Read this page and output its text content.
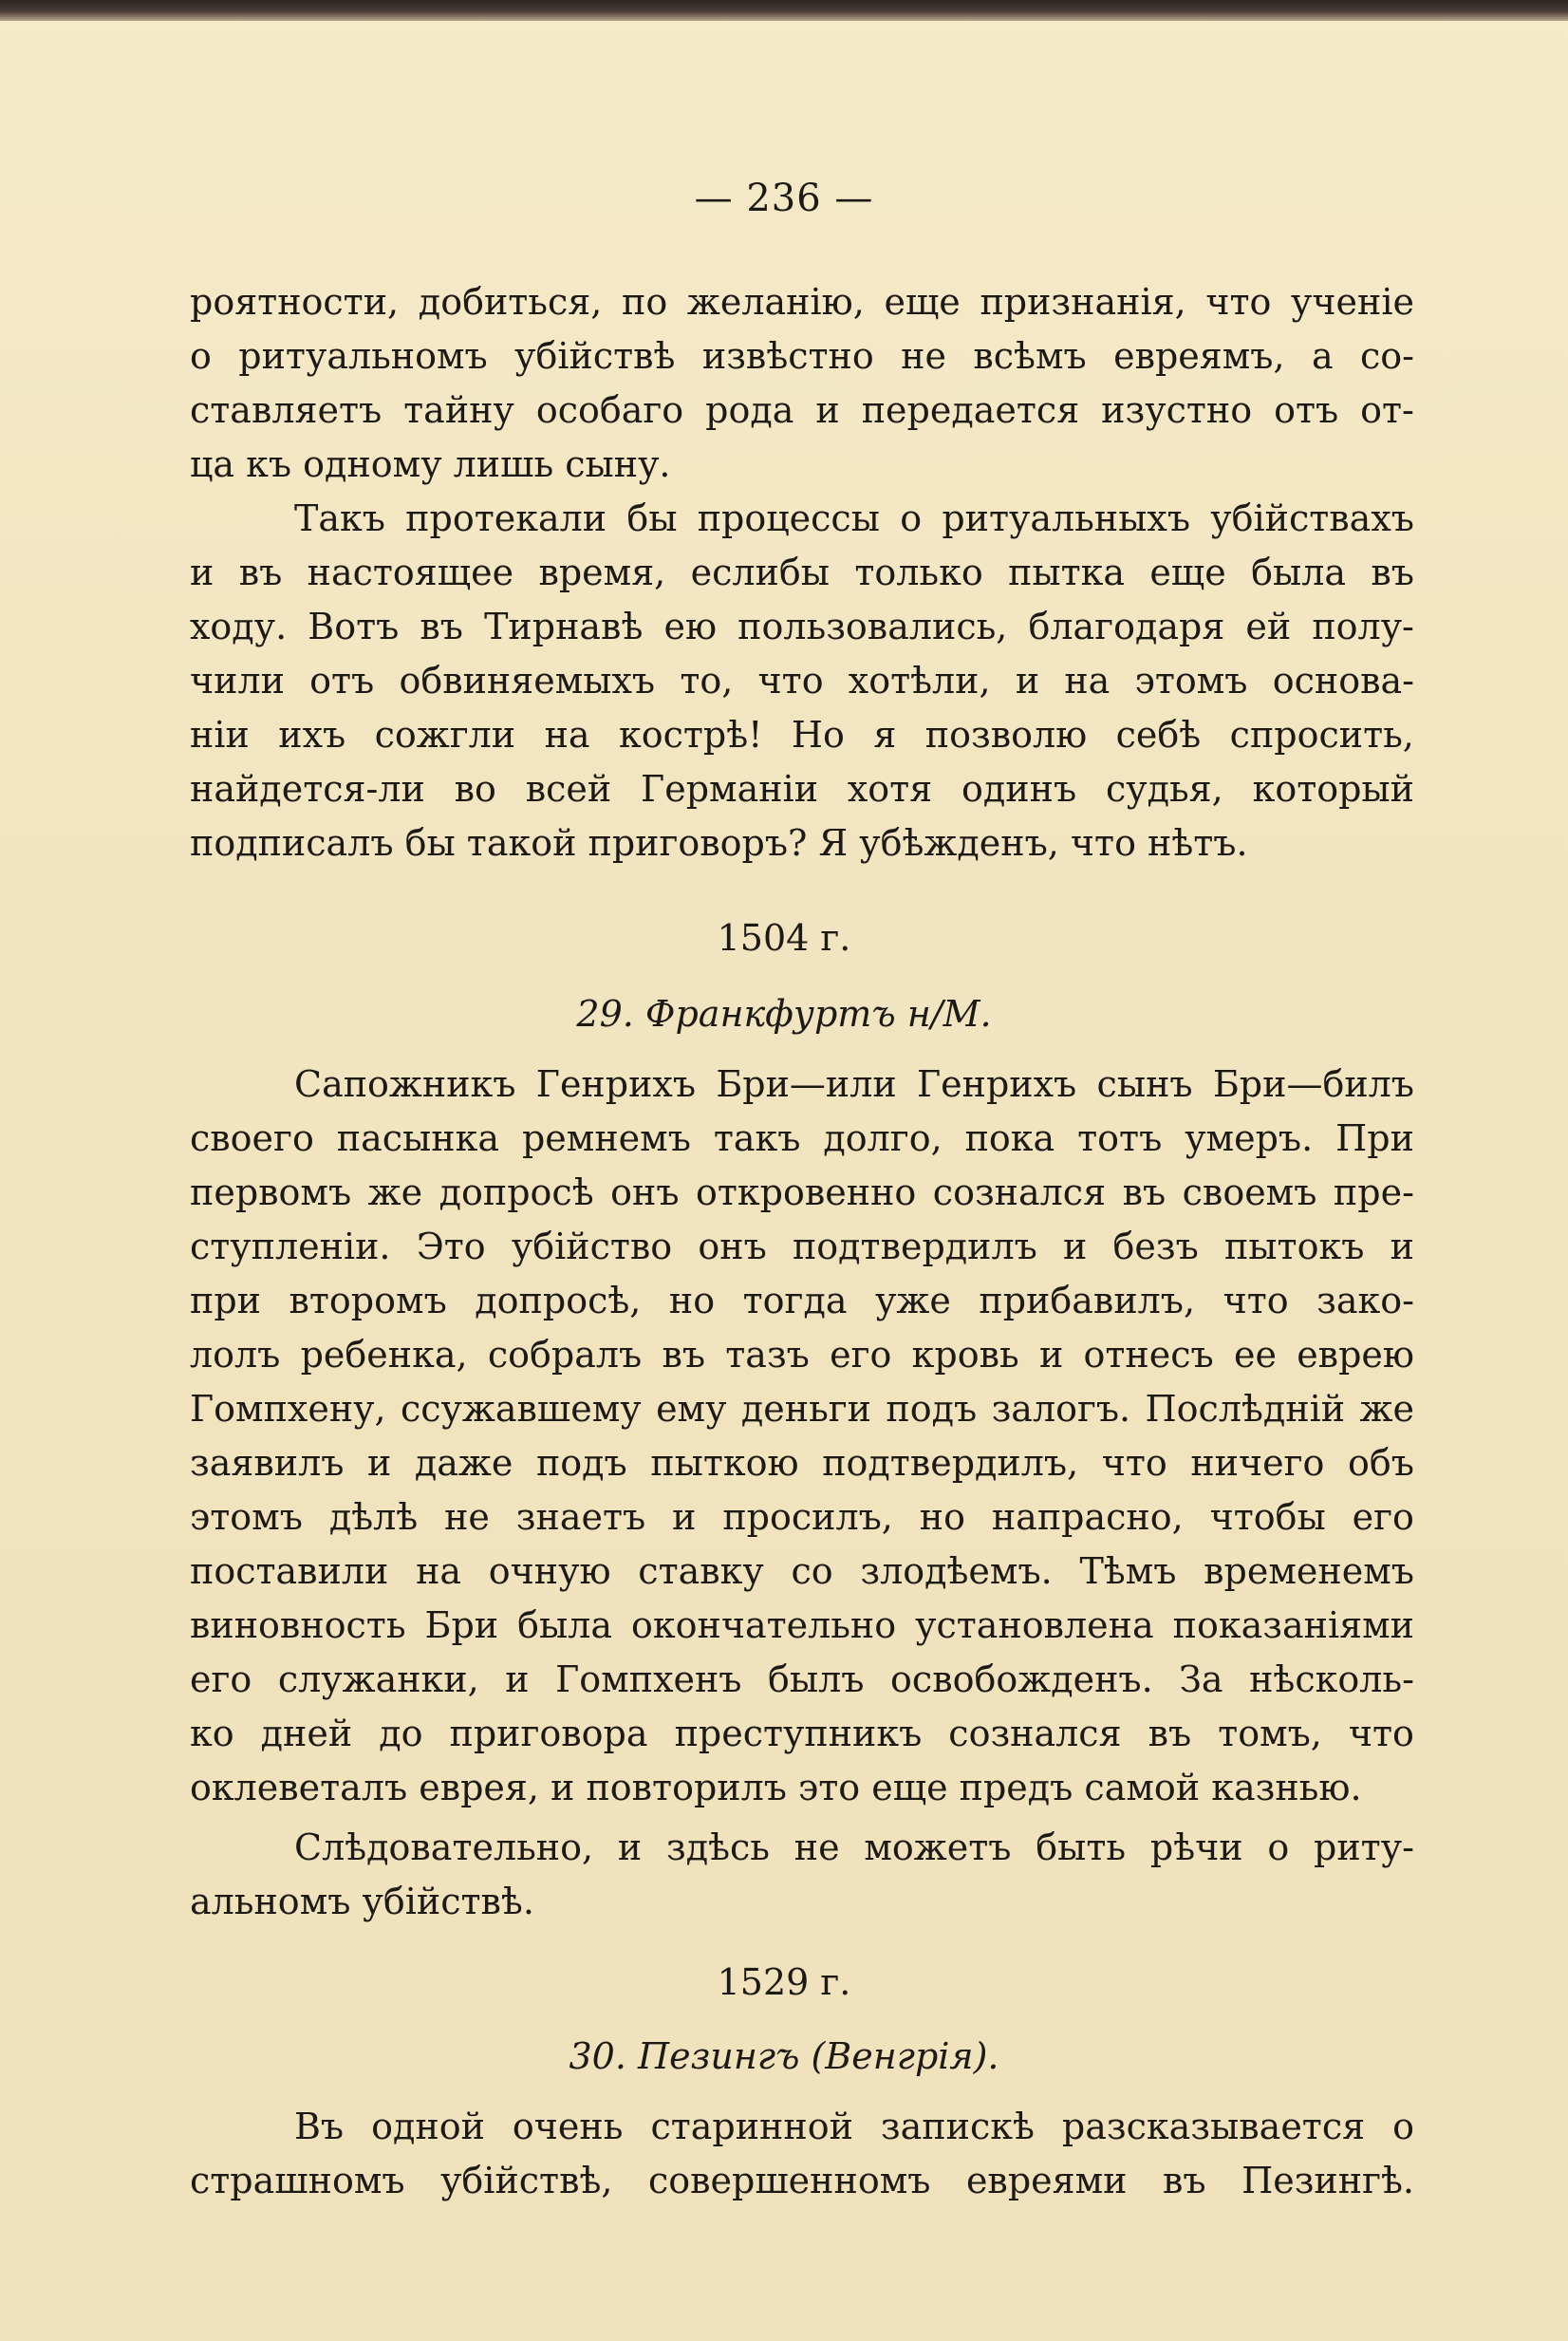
— 236 —
роятности, добиться, по желанію, еще признанія, что ученіе
о ритуальномъ убійствѣ извѣстно не всѣмъ евреямъ, а со-
ставляетъ тайну особаго рода и передается изустно отъ от-
ца къ одному лишь сыну.
Такъ протекали бы процессы о ритуальныхъ убійствахъ
и въ настоящее время, еслибы только пытка еще была въ
ходу. Вотъ въ Тирнавѣ ею пользовались, благодаря ей полу-
чили отъ обвиняемыхъ то, что хотѣли, и на этомъ основа-
ніи ихъ сожгли на кострѣ! Но я позволю себѣ спросить,
найдется-ли во всей Германіи хотя одинъ судья, который
подписалъ бы такой приговоръ? Я убѣжденъ, что нѣтъ.
1504 г.
29. Франкфуртъ н/М.
Сапожникъ Генрихъ Бри—или Генрихъ сынъ Бри—билъ
своего пасынка ремнемъ такъ долго, пока тотъ умеръ. При
первомъ же допросѣ онъ откровенно сознался въ своемъ пре-
ступленіи. Это убійство онъ подтвердилъ и безъ пытокъ и
при второмъ допросѣ, но тогда уже прибавилъ, что зако-
лолъ ребенка, собралъ въ тазъ его кровь и отнесъ ее еврею
Гомпхену, ссужавшему ему деньги подъ залогъ. Послѣдній же
заявилъ и даже подъ пыткою подтвердилъ, что ничего объ
этомъ дѣлѣ не знаетъ и просилъ, но напрасно, чтобы его
поставили на очную ставку со злодѣемъ. Тѣмъ временемъ
виновность Бри была окончательно установлена показаніями
его служанки, и Гомпхенъ былъ освобожденъ. За нѣсколь-
ко дней до приговора преступникъ сознался въ томъ, что
оклеветалъ еврея, и повторилъ это еще предъ самой казнью.
Слѣдовательно, и здѣсь не можетъ быть рѣчи о риту-
альномъ убійствѣ.
1529 г.
30. Пезингъ (Венгрія).
Въ одной очень старинной запискѣ разсказывается о
страшномъ убійствѣ, совершенномъ евреями въ Пезингѣ.
